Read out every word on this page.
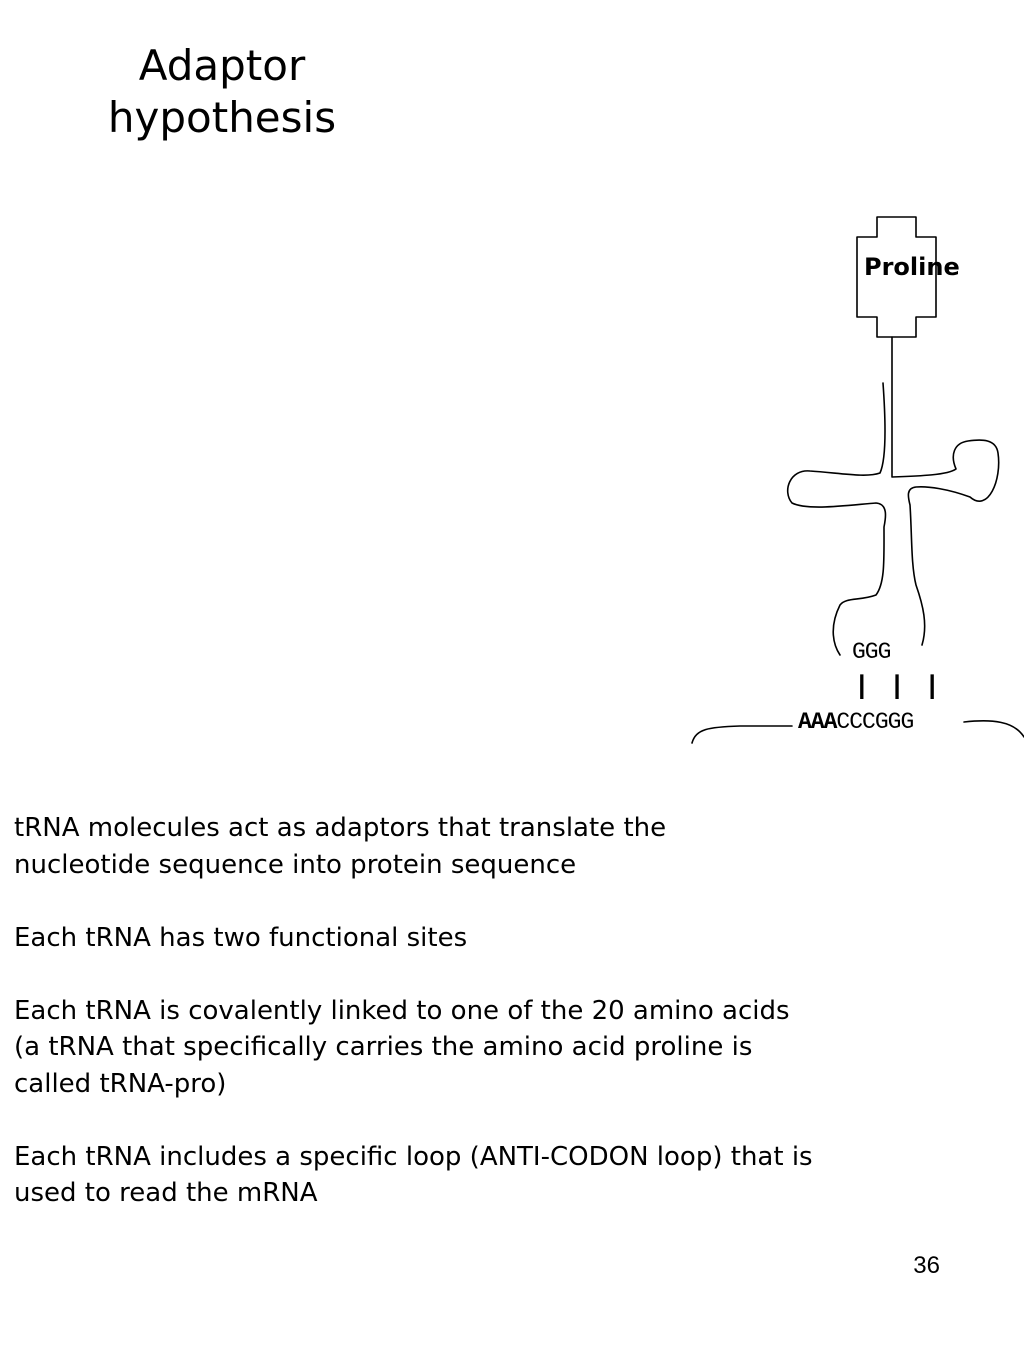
Adaptor
hypothesis
Proline
GGG
| | |
AAACCCGGG

tRNA molecules act as adaptors that translate the
nucleotide sequence into protein sequence

Each tRNA has two functional sites

Each tRNA is covalently linked to one of the 20 amino acids
(a tRNA that specifically carries the amino acid proline is
called tRNA-pro)

Each tRNA includes a specific loop (ANTI-CODON loop) that is
used to read the mRNA

36
